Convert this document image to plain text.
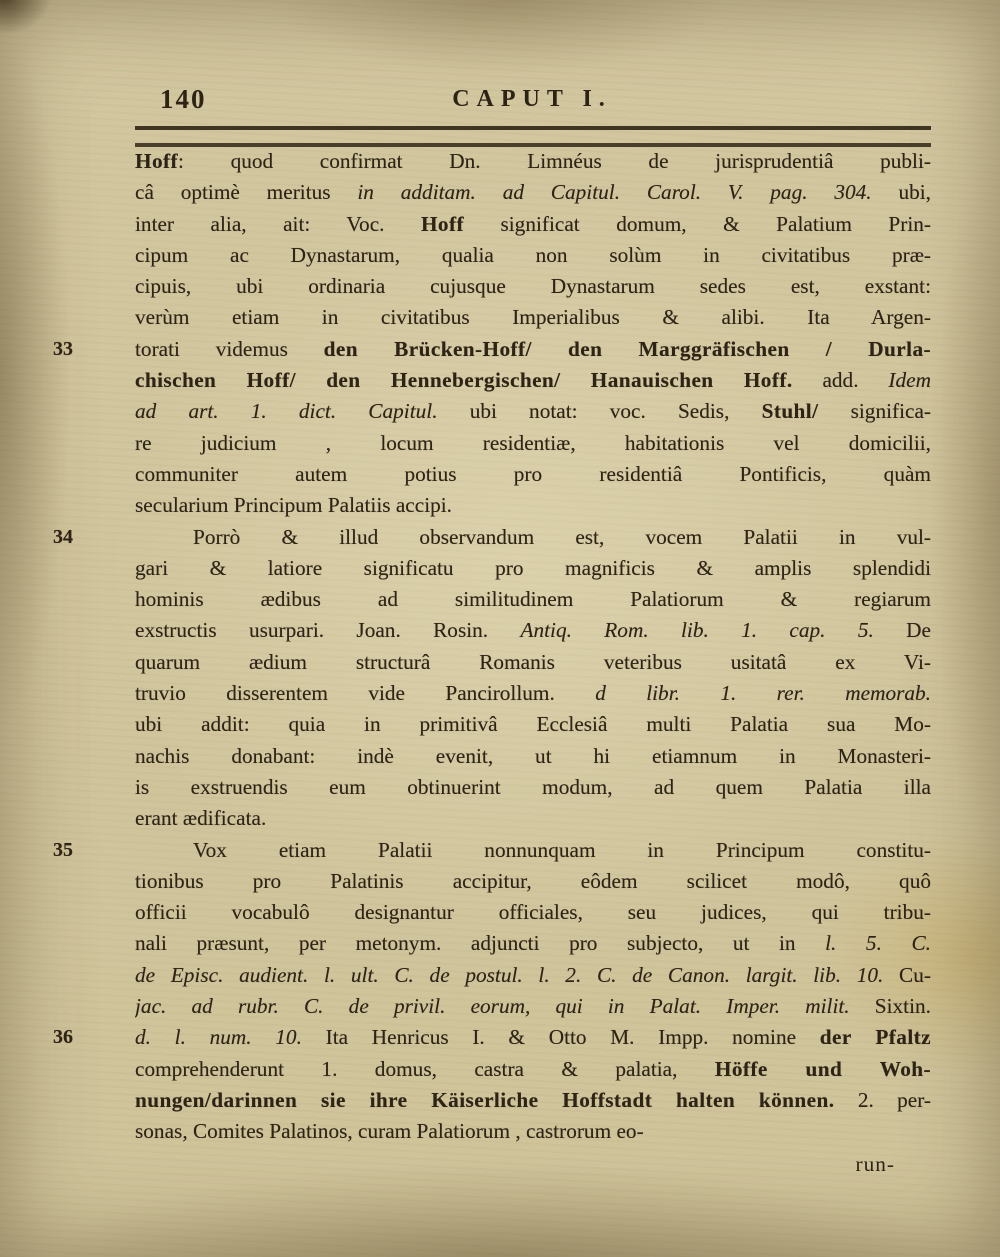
140	CAPUT I.
Hoff: quod confirmat Dn. Limnéus de jurisprudentiâ publi-
câ optimè meritus in additam. ad Capitul. Carol. V. pag. 304. ubi,
inter alia, ait: Voc. Hoff significat domum, & Palatium Prin-
cipum ac Dynastarum, qualia non solùm in civitatibus præ-
cipuis, ubi ordinaria cujusque Dynastarum sedes est, exstant:
verùm etiam in civitatibus Imperialibus & alibi. Ita Argen-
33	torati videmus den Brücken-Hoff/ den Marggräfischen / Durla-
chischen Hoff/ den Hennebergischen/ Hanauischen Hoff. add. Idem
ad art. 1. dict. Capitul. ubi notat: voc. Sedis, Stuhl/ significa-
re judicium , locum residentiæ, habitationis vel domicilii,
communiter autem potius pro residentiâ Pontificis, quàm
secularium Principum Palatiis accipi.
34	Porrò & illud observandum est, vocem Palatii in vul-
gari & latiore significatu pro magnificis & amplis splendidi
hominis ædibus ad similitudinem Palatiorum & regiarum
exstructis usurpari. Joan. Rosin. Antiq. Rom. lib. 1. cap. 5. De
quarum ædium structurâ Romanis veteribus usitatâ ex Vi-
truvio disserentem vide Pancirollum. d libr. 1. rer. memorab.
ubi addit: quia in primitivâ Ecclesiâ multi Palatia sua Mo-
nachis donabant: indè evenit, ut hi etiamnum in Monasteri-
is exstruendis eum obtinuerint modum, ad quem Palatia illa
erant ædificata.
35	Vox etiam Palatii nonnunquam in Principum constitu-
tionibus pro Palatinis accipitur, eôdem scilicet modô, quô
officii vocabulô designantur officiales, seu judices, qui tribu-
nali præsunt, per metonym. adjuncti pro subjecto, ut in l. 5. C.
de Episc. audient. l. ult. C. de postul. l. 2. C. de Canon. largit. lib. 10. Cu-
jac. ad rubr. C. de privil. eorum, qui in Palat. Imper. milit. Sixtin.
36	d. l. num. 10. Ita Henricus I. & Otto M. Impp. nomine der Pfaltz
comprehenderunt 1. domus, castra & palatia, Höffe und Woh-
nungen/darinnen sie ihre Käiserliche Hoffstadt halten können. 2. per-
sonas, Comites Palatinos, curam Palatiorum , castrorum eo-
run-
